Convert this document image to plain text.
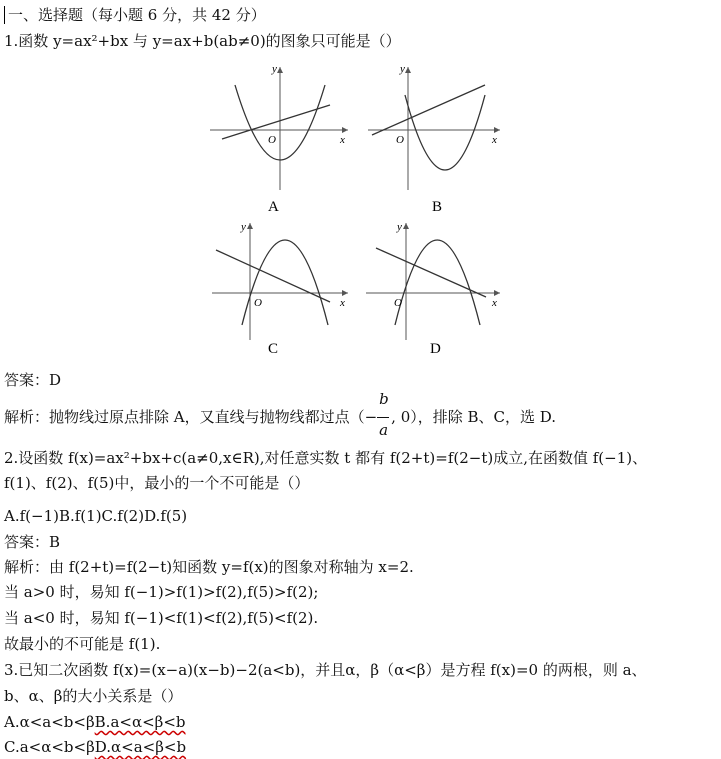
一、选择题（每小题 6 分，共 42 分）
1.函数 y=ax²+bx 与 y=ax+b(ab≠0)的图象只可能是（）
y
x
O
A
y
x
O
B
y
x
O
C
y
x
O
D
答案：D
解析：抛物线过原点排除 A，又直线与抛物线都过点（− $\frac{b}{a}$ , 0），排除 B、C，选 D.
2.设函数 f(x)=ax²+bx+c(a≠0,x∈R),对任意实数 t 都有 f(2+t)=f(2−t)成立,在函数值 f(−1)、
f(1)、f(2)、f(5)中，最小的一个不可能是（）
A.f(−1)B.f(1)C.f(2)D.f(5)
答案：B
解析：由 f(2+t)=f(2−t)知函数 y=f(x)的图象对称轴为 x=2.
当 a>0 时，易知 f(−1)>f(1)>f(2),f(5)>f(2);
当 a<0 时，易知 f(−1)<f(1)<f(2),f(5)<f(2).
故最小的不可能是 f(1).
3.已知二次函数 f(x)=(x−a)(x−b)−2(a<b)，并且α，β（α<β）是方程 f(x)=0 的两根，则 a、
b、α、β的大小关系是（）
A.α<a<b<βB.a<α<β<b
C.a<α<b<βD.α<a<β<b
